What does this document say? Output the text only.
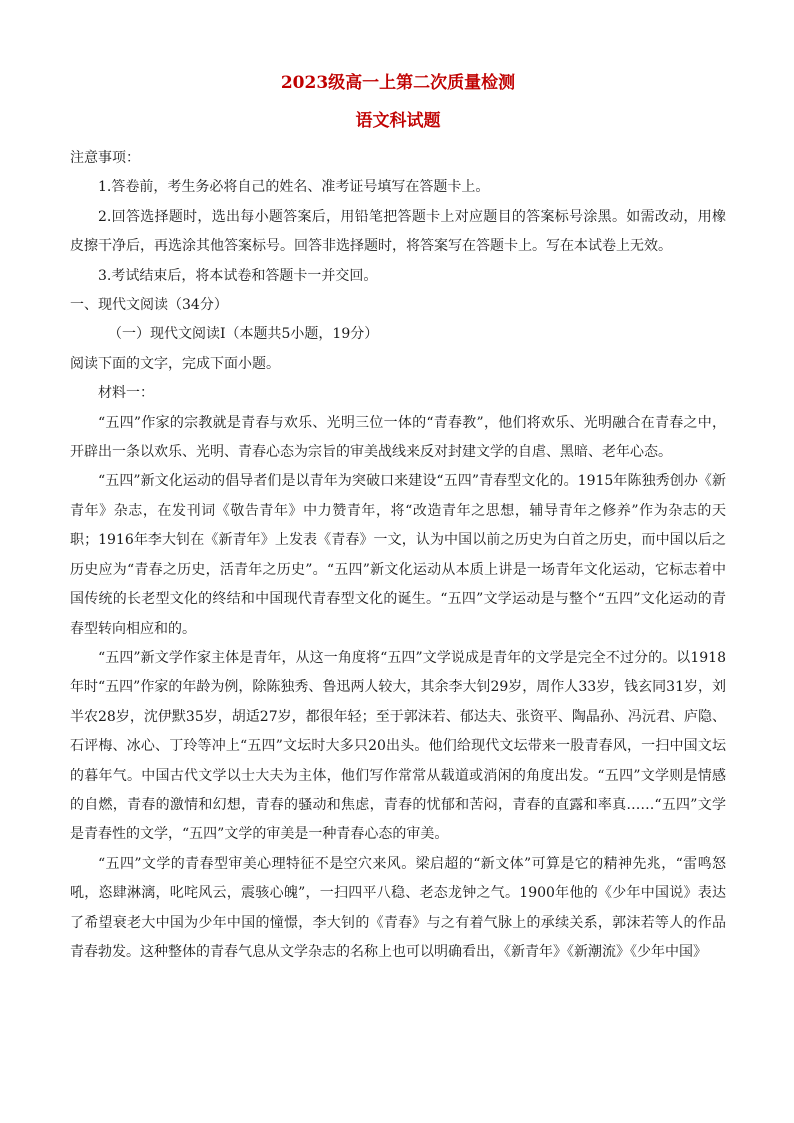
2023级高一上第二次质量检测
语文科试题

注意事项：

1.答卷前，考生务必将自己的姓名、准考证号填写在答题卡上。

2.回答选择题时，选出每小题答案后，用铅笔把答题卡上对应题目的答案标号涂黑。如需改动，用橡皮擦干净后，再选涂其他答案标号。回答非选择题时，将答案写在答题卡上。写在本试卷上无效。

3.考试结束后，将本试卷和答题卡一并交回。

一、现代文阅读（34分）

（一）现代文阅读Ⅰ（本题共5小题，19分）

阅读下面的文字，完成下面小题。

材料一：

“五四”作家的宗教就是青春与欢乐、光明三位一体的“青春教”，他们将欢乐、光明融合在青春之中，开辟出一条以欢乐、光明、青春心态为宗旨的审美战线来反对封建文学的自虐、黑暗、老年心态。

“五四”新文化运动的倡导者们是以青年为突破口来建设“五四”青春型文化的。1915年陈独秀创办《新青年》杂志，在发刊词《敬告青年》中力赞青年，将“改造青年之思想，辅导青年之修养”作为杂志的天职；1916年李大钊在《新青年》上发表《青春》一文，认为中国以前之历史为白首之历史，而中国以后之历史应为“青春之历史，活青年之历史”。“五四”新文化运动从本质上讲是一场青年文化运动，它标志着中国传统的长老型文化的终结和中国现代青春型文化的诞生。“五四”文学运动是与整个“五四”文化运动的青春型转向相应和的。

“五四”新文学作家主体是青年，从这一角度将“五四”文学说成是青年的文学是完全不过分的。以1918年时“五四”作家的年龄为例，除陈独秀、鲁迅两人较大，其余李大钊29岁，周作人33岁，钱玄同31岁，刘半农28岁，沈伊默35岁，胡适27岁，都很年轻；至于郭沫若、郁达夫、张资平、陶晶孙、冯沅君、庐隐、石评梅、冰心、丁玲等冲上“五四”文坛时大多只20出头。他们给现代文坛带来一股青春风，一扫中国文坛的暮年气。中国古代文学以士大夫为主体，他们写作常常从载道或消闲的角度出发。“五四”文学则是情感的自燃，青春的激情和幻想，青春的骚动和焦虑，青春的忧郁和苦闷，青春的直露和率真……“五四”文学是青春性的文学，“五四”文学的审美是一种青春心态的审美。

“五四”文学的青春型审美心理特征不是空穴来风。梁启超的“新文体”可算是它的精神先兆，“雷鸣怒吼，恣肆淋漓，叱咤风云，震骇心魄”，一扫四平八稳、老态龙钟之气。1900年他的《少年中国说》表达了希望衰老大中国为少年中国的憧憬，李大钊的《青春》与之有着气脉上的承续关系，郭沫若等人的作品青春勃发。这种整体的青春气息从文学杂志的名称上也可以明确看出，《新青年》《新潮流》《少年中国》
